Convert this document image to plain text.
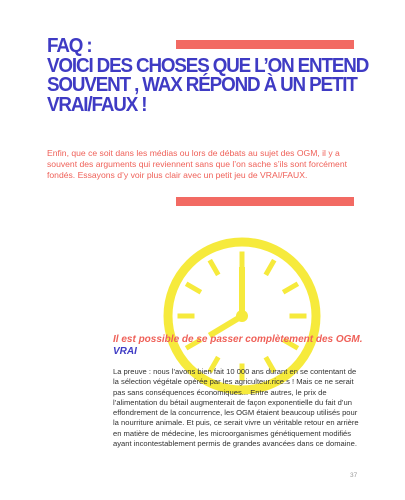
FAQ :
VOICI DES CHOSES QUE L’ON ENTEND
SOUVENT , WAX RÉPOND À UN PETIT
VRAI/FAUX !

Enfin, que ce soit dans les médias ou lors de débats au sujet des OGM, il y a souvent des arguments qui reviennent sans que l’on sache s’ils sont forcément fondés. Essayons d’y voir plus clair avec un petit jeu de VRAI/FAUX.

Il est possible de se passer complètement des OGM.

VRAI

La preuve : nous l’avons bien fait 10 000 ans durant en se contentant de la sélection végétale opérée par les agriculteur.rice.s ! Mais ce ne serait pas sans conséquences économiques... Entre autres, le prix de l’alimentation du bétail augmenterait de façon exponentielle du fait d’un effondrement de la concurrence, les OGM étaient beaucoup utilisés pour la nourriture animale. Et puis, ce serait vivre un véritable retour en arrière en matière de médecine, les microorganismes génétiquement modifiés ayant incontestablement permis de grandes avancées dans ce domaine.

37
